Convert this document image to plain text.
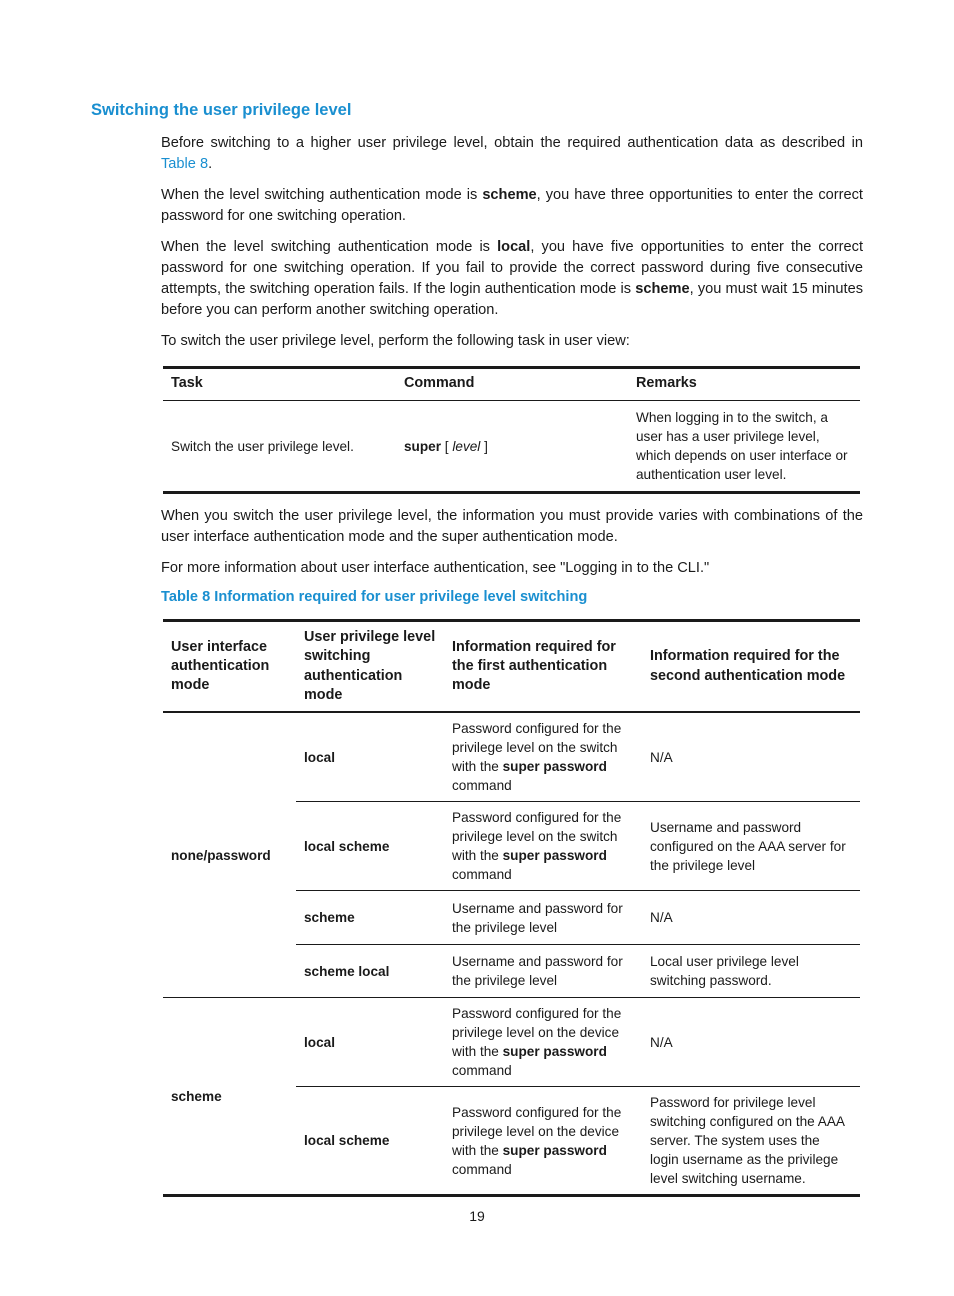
Switching the user privilege level
Before switching to a higher user privilege level, obtain the required authentication data as described in Table 8.
When the level switching authentication mode is scheme, you have three opportunities to enter the correct password for one switching operation.
When the level switching authentication mode is local, you have five opportunities to enter the correct password for one switching operation. If you fail to provide the correct password during five consecutive attempts, the switching operation fails. If the login authentication mode is scheme, you must wait 15 minutes before you can perform another switching operation.
To switch the user privilege level, perform the following task in user view:
Task	Command	Remarks
Switch the user privilege level.	super [ level ]	When logging in to the switch, a user has a user privilege level, which depends on user interface or authentication user level.
When you switch the user privilege level, the information you must provide varies with combinations of the user interface authentication mode and the super authentication mode.
For more information about user interface authentication, see "Logging in to the CLI."
Table 8 Information required for user privilege level switching
User interface authentication mode	User privilege level switching authentication mode	Information required for the first authentication mode	Information required for the second authentication mode
none/password	local	Password configured for the privilege level on the switch with the super password command	N/A
	local scheme	Password configured for the privilege level on the switch with the super password command	Username and password configured on the AAA server for the privilege level
	scheme	Username and password for the privilege level	N/A
	scheme local	Username and password for the privilege level	Local user privilege level switching password.
scheme	local	Password configured for the privilege level on the device with the super password command	N/A
	local scheme	Password configured for the privilege level on the device with the super password command	Password for privilege level switching configured on the AAA server. The system uses the login username as the privilege level switching username.
19
